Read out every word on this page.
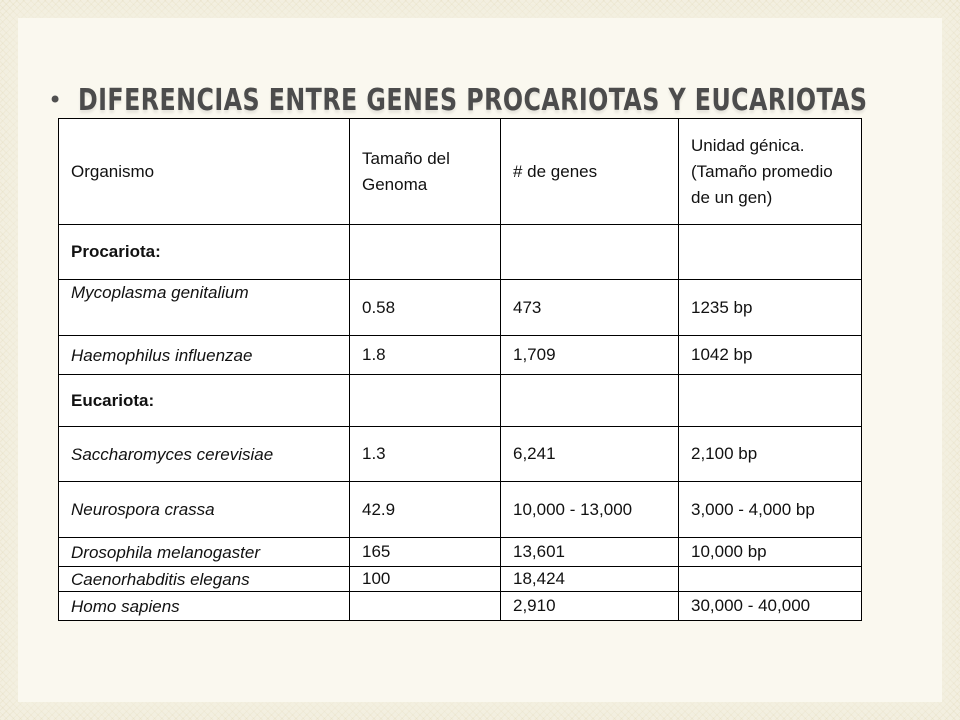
• DIFERENCIAS ENTRE GENES PROCARIOTAS Y EUCARIOTAS
Organismo	Tamaño del Genoma	# de genes	Unidad génica. (Tamaño promedio de un gen)
Procariota:			
Mycoplasma genitalium	0.58	473	1235 bp
Haemophilus influenzae	1.8	1,709	1042 bp
Eucariota:			
Saccharomyces cerevisiae	1.3	6,241	2,100 bp
Neurospora crassa	42.9	10,000 - 13,000	3,000 - 4,000 bp
Drosophila melanogaster	165	13,601	10,000 bp
Caenorhabditis elegans	100	18,424	
Homo sapiens		2,910	30,000 - 40,000
